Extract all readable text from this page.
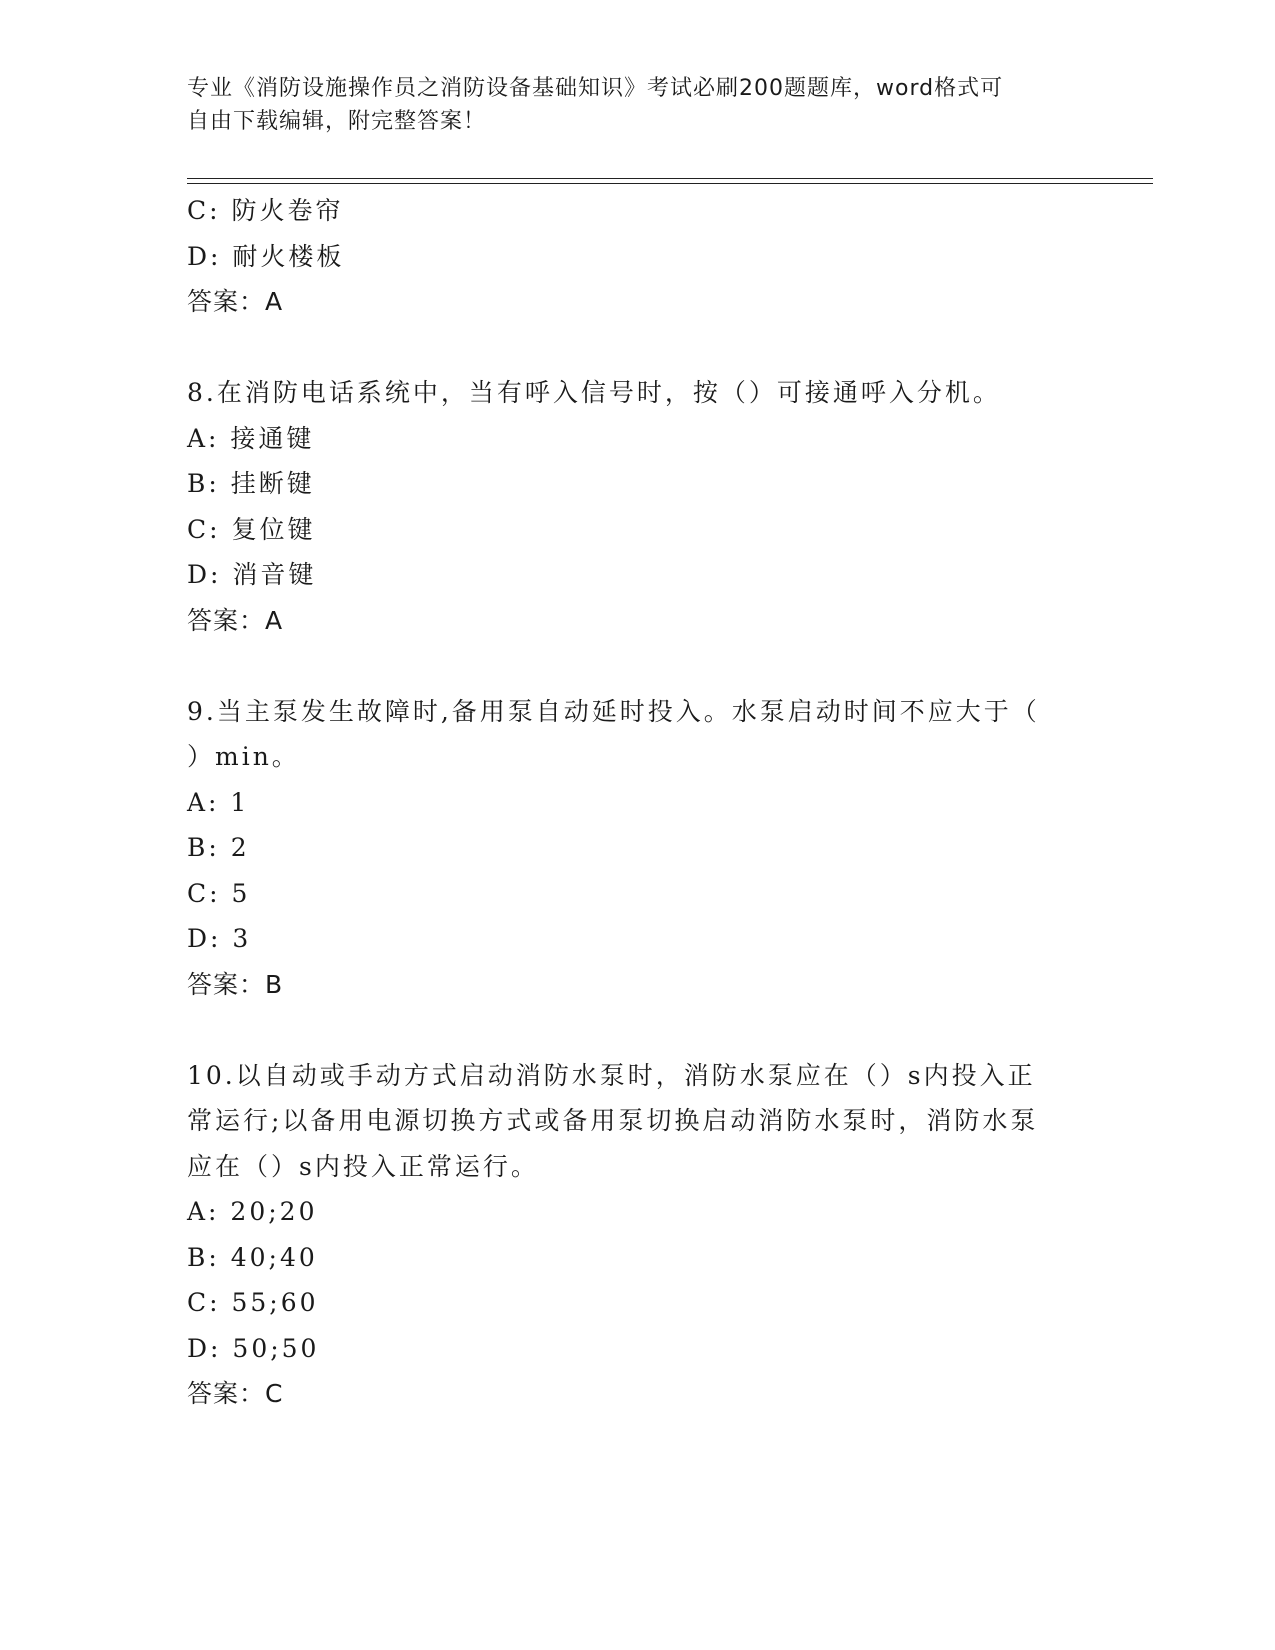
专业《消防设施操作员之消防设备基础知识》考试必刷200题题库，word格式可
自由下载编辑，附完整答案！

C: 防火卷帘

D: 耐火楼板

答案：A

8.在消防电话系统中，当有呼入信号时，按（）可接通呼入分机。

A: 接通键

B: 挂断键

C: 复位键

D: 消音键

答案：A

9.当主泵发生故障时,备用泵自动延时投入。水泵启动时间不应大于（

）min。

A: 1

B: 2

C: 5

D: 3

答案：B

10.以自动或手动方式启动消防水泵时，消防水泵应在（）s内投入正

常运行;以备用电源切换方式或备用泵切换启动消防水泵时，消防水泵

应在（）s内投入正常运行。

A: 20;20

B: 40;40

C: 55;60

D: 50;50

答案：C
